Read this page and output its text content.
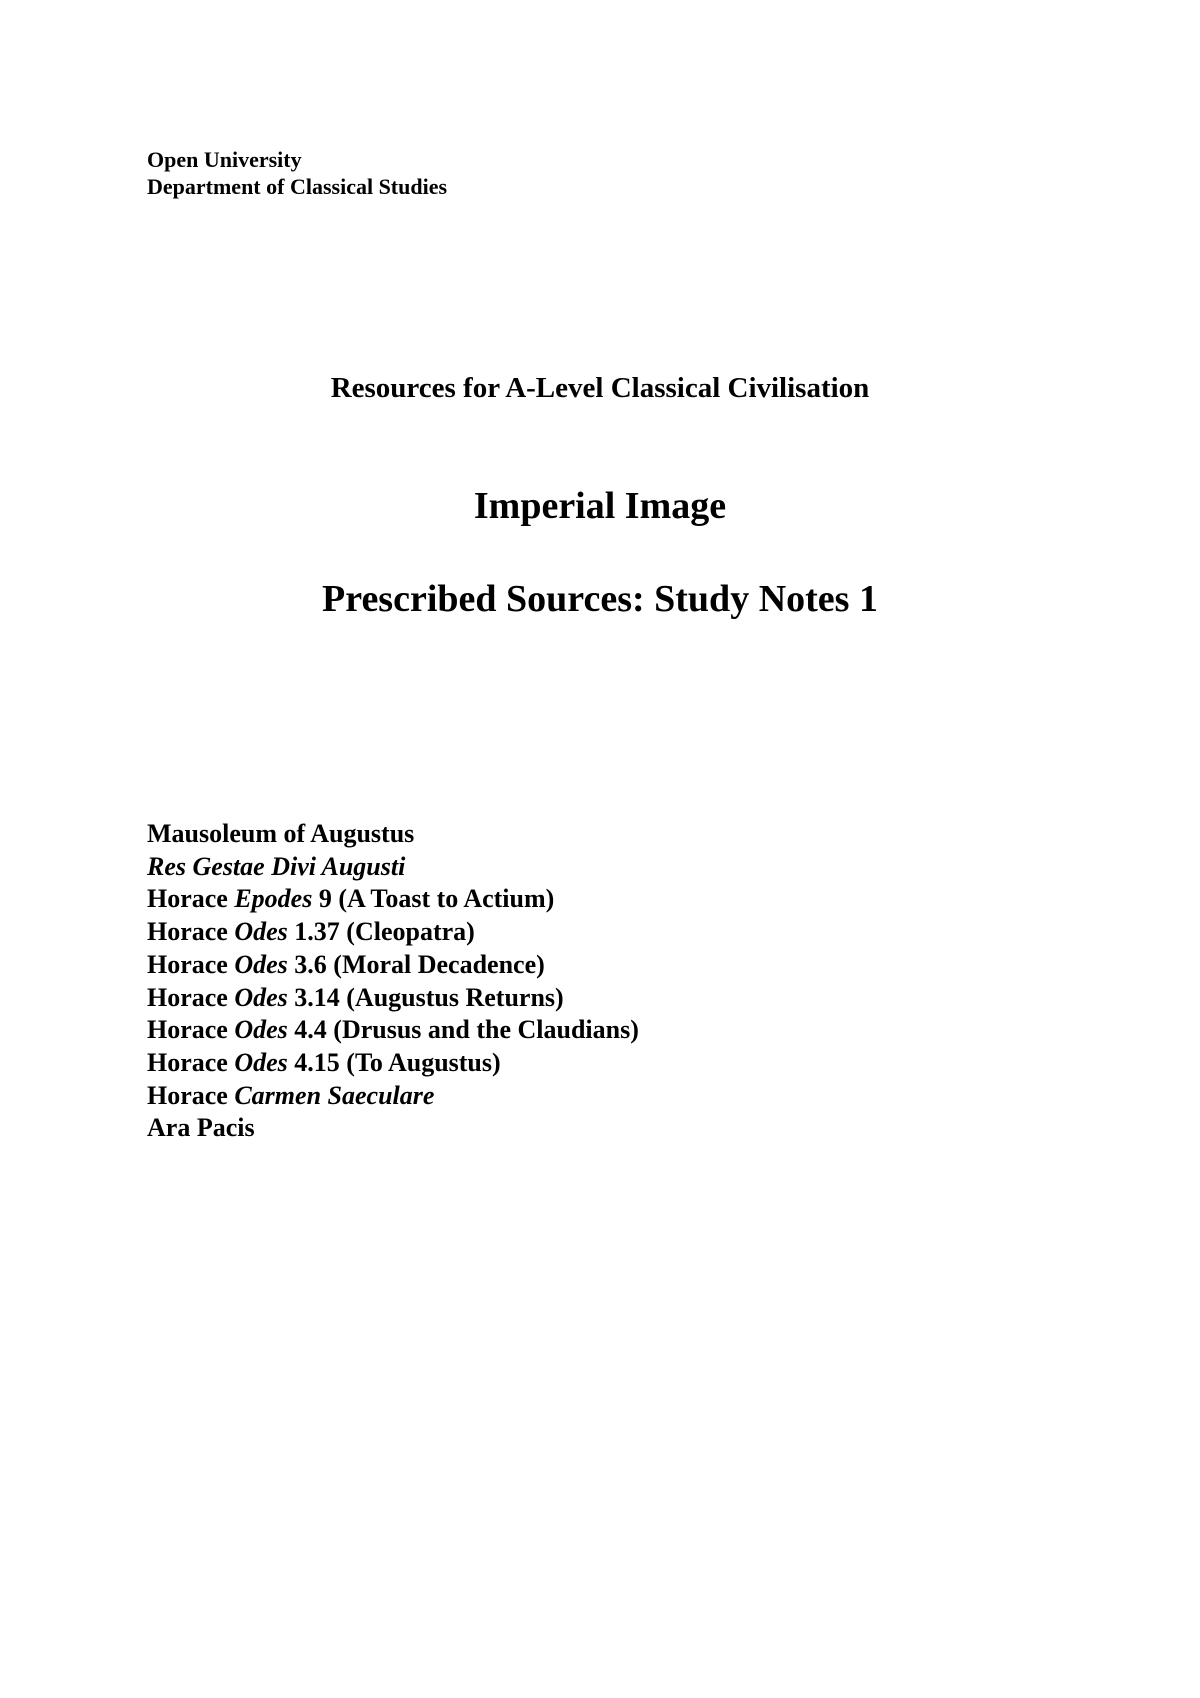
Open University
Department of Classical Studies
Resources for A-Level Classical Civilisation
Imperial Image
Prescribed Sources: Study Notes 1
Mausoleum of Augustus
Res Gestae Divi Augusti
Horace Epodes 9 (A Toast to Actium)
Horace Odes 1.37 (Cleopatra)
Horace Odes 3.6 (Moral Decadence)
Horace Odes 3.14 (Augustus Returns)
Horace Odes 4.4 (Drusus and the Claudians)
Horace Odes 4.15 (To Augustus)
Horace Carmen Saeculare
Ara Pacis
